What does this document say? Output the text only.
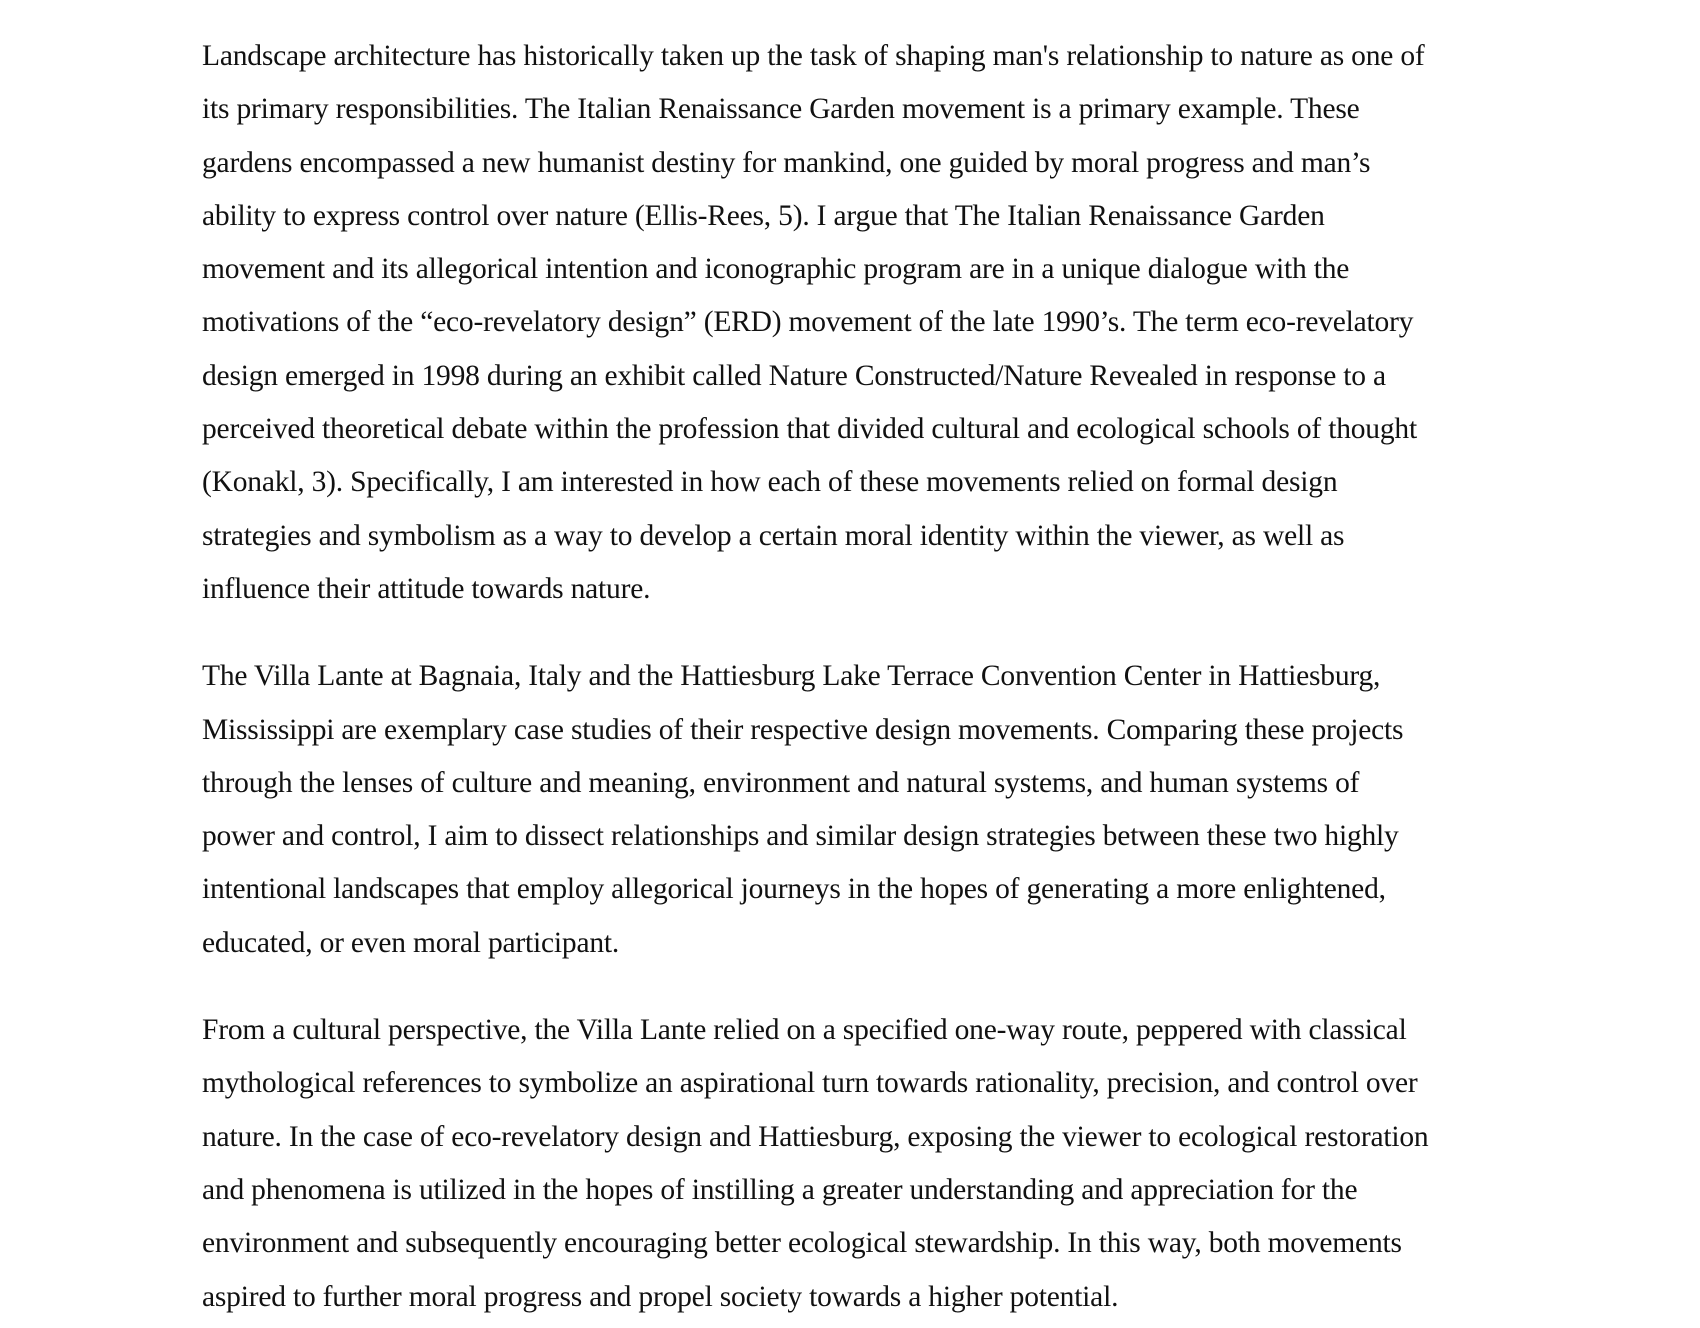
Landscape architecture has historically taken up the task of shaping man's relationship to nature as one of
its primary responsibilities. The Italian Renaissance Garden movement is a primary example. These
gardens encompassed a new humanist destiny for mankind, one guided by moral progress and man’s
ability to express control over nature (Ellis-Rees, 5). I argue that The Italian Renaissance Garden
movement and its allegorical intention and iconographic program are in a unique dialogue with the
motivations of the “eco-revelatory design” (ERD) movement of the late 1990’s. The term eco-revelatory
design emerged in 1998 during an exhibit called Nature Constructed/Nature Revealed in response to a
perceived theoretical debate within the profession that divided cultural and ecological schools of thought
(Konakl, 3). Specifically, I am interested in how each of these movements relied on formal design
strategies and symbolism as a way to develop a certain moral identity within the viewer, as well as
influence their attitude towards nature.

The Villa Lante at Bagnaia, Italy and the Hattiesburg Lake Terrace Convention Center in Hattiesburg,
Mississippi are exemplary case studies of their respective design movements. Comparing these projects
through the lenses of culture and meaning, environment and natural systems, and human systems of
power and control, I aim to dissect relationships and similar design strategies between these two highly
intentional landscapes that employ allegorical journeys in the hopes of generating a more enlightened,
educated, or even moral participant.

From a cultural perspective, the Villa Lante relied on a specified one-way route, peppered with classical
mythological references to symbolize an aspirational turn towards rationality, precision, and control over
nature. In the case of eco-revelatory design and Hattiesburg, exposing the viewer to ecological restoration
and phenomena is utilized in the hopes of instilling a greater understanding and appreciation for the
environment and subsequently encouraging better ecological stewardship. In this way, both movements
aspired to further moral progress and propel society towards a higher potential.
